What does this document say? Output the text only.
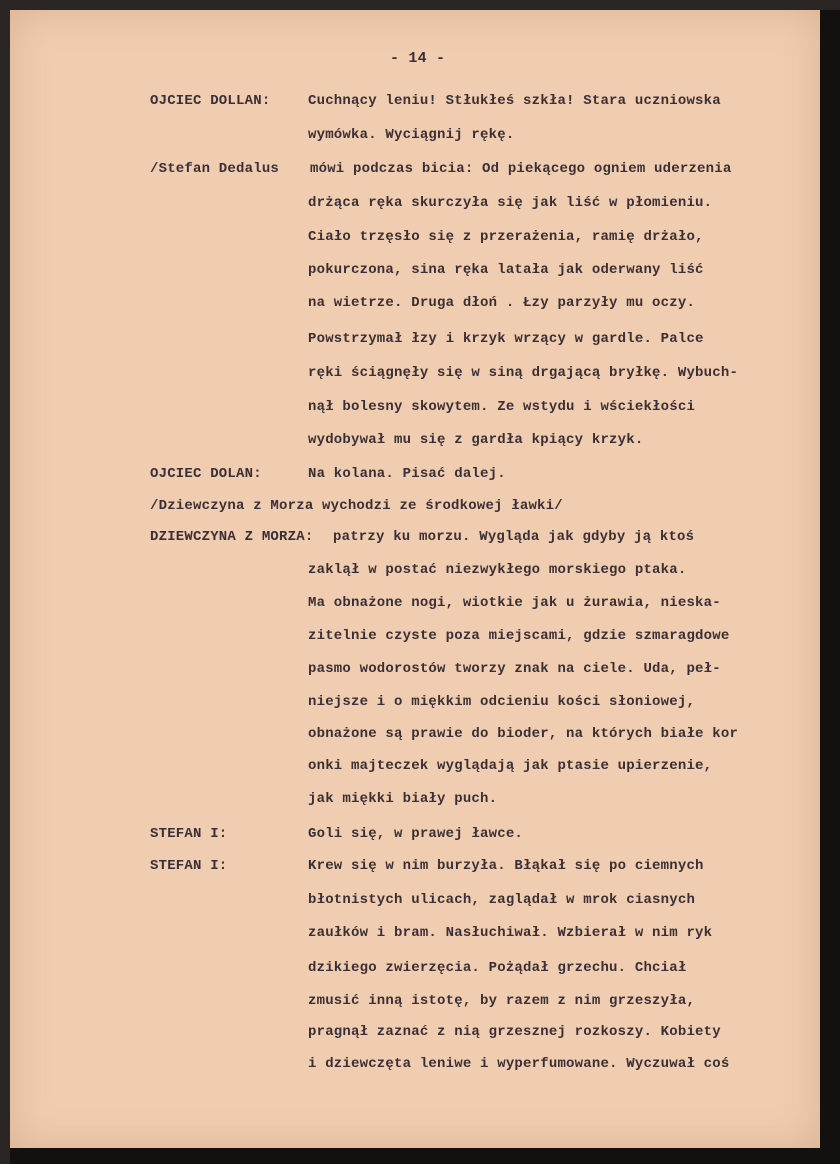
- 14 -
OJCIEC DOLLAN:	Cuchnący leniu! Stłukłeś szkła! Stara uczniowska
wymówka. Wyciągnij rękę.
/Stefan Dedalus mówi podczas bicia: Od piekącego ogniem uderzenia
drżąca ręka skurczyła się jak liść w płomieniu.
Ciało trzęsło się z przerażenia, ramię drżało,
pokurczona, sina ręka latała jak oderwany liść
na wietrze. Druga dłoń . Łzy parzyły mu oczy.
Powstrzymał łzy i krzyk wrzący w gardle. Palce
ręki ściągnęły się w siną drgającą bryłkę. Wybuch-
nął bolesny skowytem. Ze wstydu i wściekłości
wydobywał mu się z gardła kpiący krzyk.
OJCIEC DOLAN:	Na kolana. Pisać dalej.
/Dziewczyna z Morza wychodzi ze środkowej ławki/
DZIEWCZYNA Z MORZA: patrzy ku morzu. Wygląda jak gdyby ją ktoś
zaklął w postać niezwykłego morskiego ptaka.
Ma obnażone nogi, wiotkie jak u żurawia, nieska-
zitelnie czyste poza miejscami, gdzie szmaragdowe
pasmo wodorostów tworzy znak na ciele. Uda, peł-
niejsze i o miękkim odcieniu kości słoniowej,
obnażone są prawie do bioder, na których białe kor
onki majteczek wyglądają jak ptasie upierzenie,
jak miękki biały puch.
STEFAN I:	Goli się, w prawej ławce.
STEFAN I:	Krew się w nim burzyła. Błąkał się po ciemnych
błotnistych ulicach, zaglądał w mrok ciasnych
zaułków i bram. Nasłuchiwał. Wzbierał w nim ryk
dzikiego zwierzęcia. Pożądał grzechu. Chciał
zmusić inną istotę, by razem z nim grzeszyła,
pragnął zaznać z nią grzesznej rozkoszy. Kobiety
i dziewczęta leniwe i wyperfumowane. Wyczuwał coś
